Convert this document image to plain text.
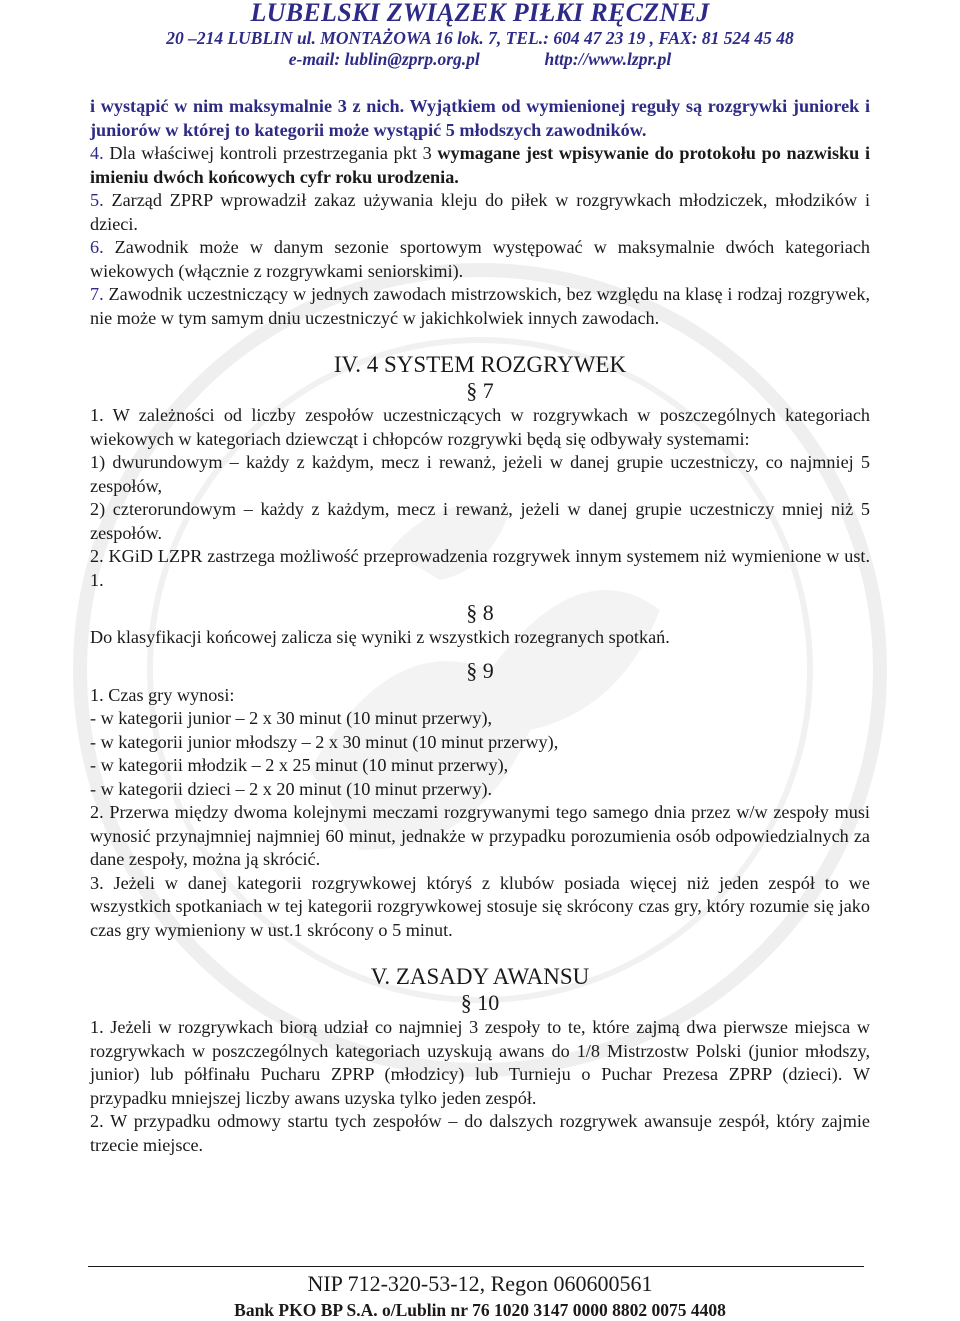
LUBELSKI ZWIĄZEK PIŁKI RĘCZNEJ
20 –214 LUBLIN ul. MONTAŻOWA 16 lok. 7, TEL.: 604 47 23 19 , FAX: 81 524 45 48
e-mail: lublin@zprp.org.pl	http://www.lzpr.pl

i wystąpić w nim maksymalnie 3 z nich. Wyjątkiem od wymienionej reguły są rozgrywki juniorek i juniorów w której to kategorii może wystąpić 5 młodszych zawodników.

4. Dla właściwej kontroli przestrzegania pkt 3 wymagane jest wpisywanie do protokołu po nazwisku i imieniu dwóch końcowych cyfr roku urodzenia.

5. Zarząd ZPRP wprowadził zakaz używania kleju do piłek w rozgrywkach młodziczek, młodzików i dzieci.

6. Zawodnik może w danym sezonie sportowym występować w maksymalnie dwóch kategoriach wiekowych (włącznie z rozgrywkami seniorskimi).

7. Zawodnik uczestniczący w jednych zawodach mistrzowskich, bez względu na klasę i rodzaj rozgrywek, nie może w tym samym dniu uczestniczyć w jakichkolwiek innych zawodach.

IV. 4 SYSTEM ROZGRYWEK

§ 7

1. W zależności od liczby zespołów uczestniczących w rozgrywkach w poszczególnych kategoriach wiekowych w kategoriach dziewcząt i chłopców rozgrywki będą się odbywały systemami:

1) dwurundowym – każdy z każdym, mecz i rewanż, jeżeli w danej grupie uczestniczy, co najmniej 5 zespołów,

2) czterorundowym – każdy z każdym, mecz i rewanż, jeżeli w danej grupie uczestniczy mniej niż 5 zespołów.

2. KGiD LZPR zastrzega możliwość przeprowadzenia rozgrywek innym systemem niż wymienione w ust. 1.

§ 8

Do klasyfikacji końcowej zalicza się wyniki z wszystkich rozegranych spotkań.

§ 9

1. Czas gry wynosi:

- w kategorii junior – 2 x 30 minut (10 minut przerwy),

- w kategorii junior młodszy – 2 x 30 minut (10 minut przerwy),

- w kategorii młodzik – 2 x 25 minut (10 minut przerwy),

- w kategorii dzieci – 2 x 20 minut (10 minut przerwy).

2. Przerwa między dwoma kolejnymi meczami rozgrywanymi tego samego dnia przez w/w zespoły musi wynosić przynajmniej najmniej 60 minut, jednakże w przypadku porozumienia osób odpowiedzialnych za dane zespoły, można ją skrócić.

3. Jeżeli w danej kategorii rozgrywkowej któryś z klubów posiada więcej niż jeden zespół to we wszystkich spotkaniach w tej kategorii rozgrywkowej stosuje się skrócony czas gry, który rozumie się jako czas gry wymieniony w ust.1 skrócony o 5 minut.

V. ZASADY AWANSU

§ 10

1. Jeżeli w rozgrywkach biorą udział co najmniej 3 zespoły to te, które zajmą dwa pierwsze miejsca w rozgrywkach w poszczególnych kategoriach uzyskują awans do 1/8 Mistrzostw Polski (junior młodszy, junior) lub półfinału Pucharu ZPRP (młodzicy) lub Turnieju o Puchar Prezesa ZPRP (dzieci). W przypadku mniejszej liczby awans uzyska tylko jeden zespół.

2. W przypadku odmowy startu tych zespołów – do dalszych rozgrywek awansuje zespół, który zajmie trzecie miejsce.

NIP 712-320-53-12, Regon 060600561
Bank PKO BP S.A. o/Lublin nr 76 1020 3147 0000 8802 0075 4408
